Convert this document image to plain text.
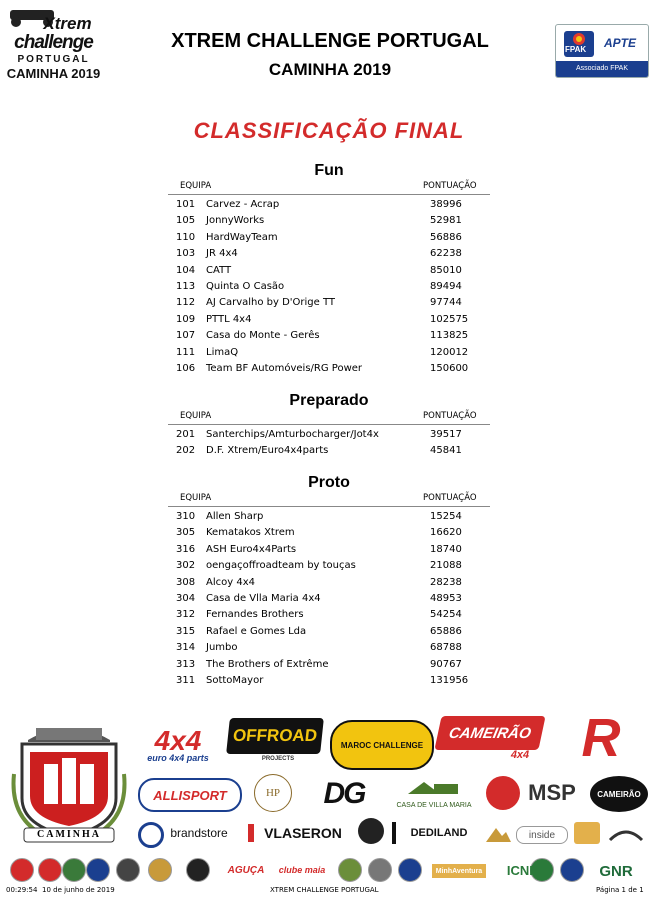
Xtrem
challenge
PORTUGAL
CAMINHA 2019
XTREM CHALLENGE PORTUGAL
CAMINHA 2019
FPAK APTE
Associado FPAK
CLASSIFICAÇÃO FINAL
Fun
EQUIPA	PONTUAÇÃO
101 Carvez - Acrap	38996
105 JonnyWorks	52981
110 HardWayTeam	56886
103 JR 4x4	62238
104 CATT	85010
113 Quinta O Casão	89494
112 AJ Carvalho by D'Orige TT	97744
109 PTTL 4x4	102575
107 Casa do Monte - Gerês	113825
111 LimaQ	120012
106 Team BF Automóveis/RG Power	150600
Preparado
EQUIPA	PONTUAÇÃO
201 Santerchips/Amturbocharger/Jot4x	39517
202 D.F. Xtrem/Euro4x4parts	45841
Proto
EQUIPA	PONTUAÇÃO
310 Allen Sharp	15254
305 Kematakos Xtrem	16620
316 ASH Euro4x4Parts	18740
302 oengaçoffroadteam by touças	21088
308 Alcoy 4x4	28238
304 Casa de Vlla Maria 4x4	48953
312 Fernandes Brothers	54254
315 Rafael e Gomes Lda	65886
314 Jumbo	68788
313 The Brothers of Extrême	90767
311 SottoMayor	131956
CAMINHA
4x4
euro 4x4 parts
OFFROAD
PROJECTS
MAROC CHALLENGE
CAMEIRÃO
4x4 R
ALLISPORT	HP	DG	CASA DE VILLA MARIA	MSP	CAMEIRÃO
brandstore	VLASERON	DEDILAND	inside
AGUÇA	clube maia	MinhAventura	ICNF	GNR
00:29:54 10 de junho de 2019	XTREM CHALLENGE PORTUGAL	Página 1 de 1
